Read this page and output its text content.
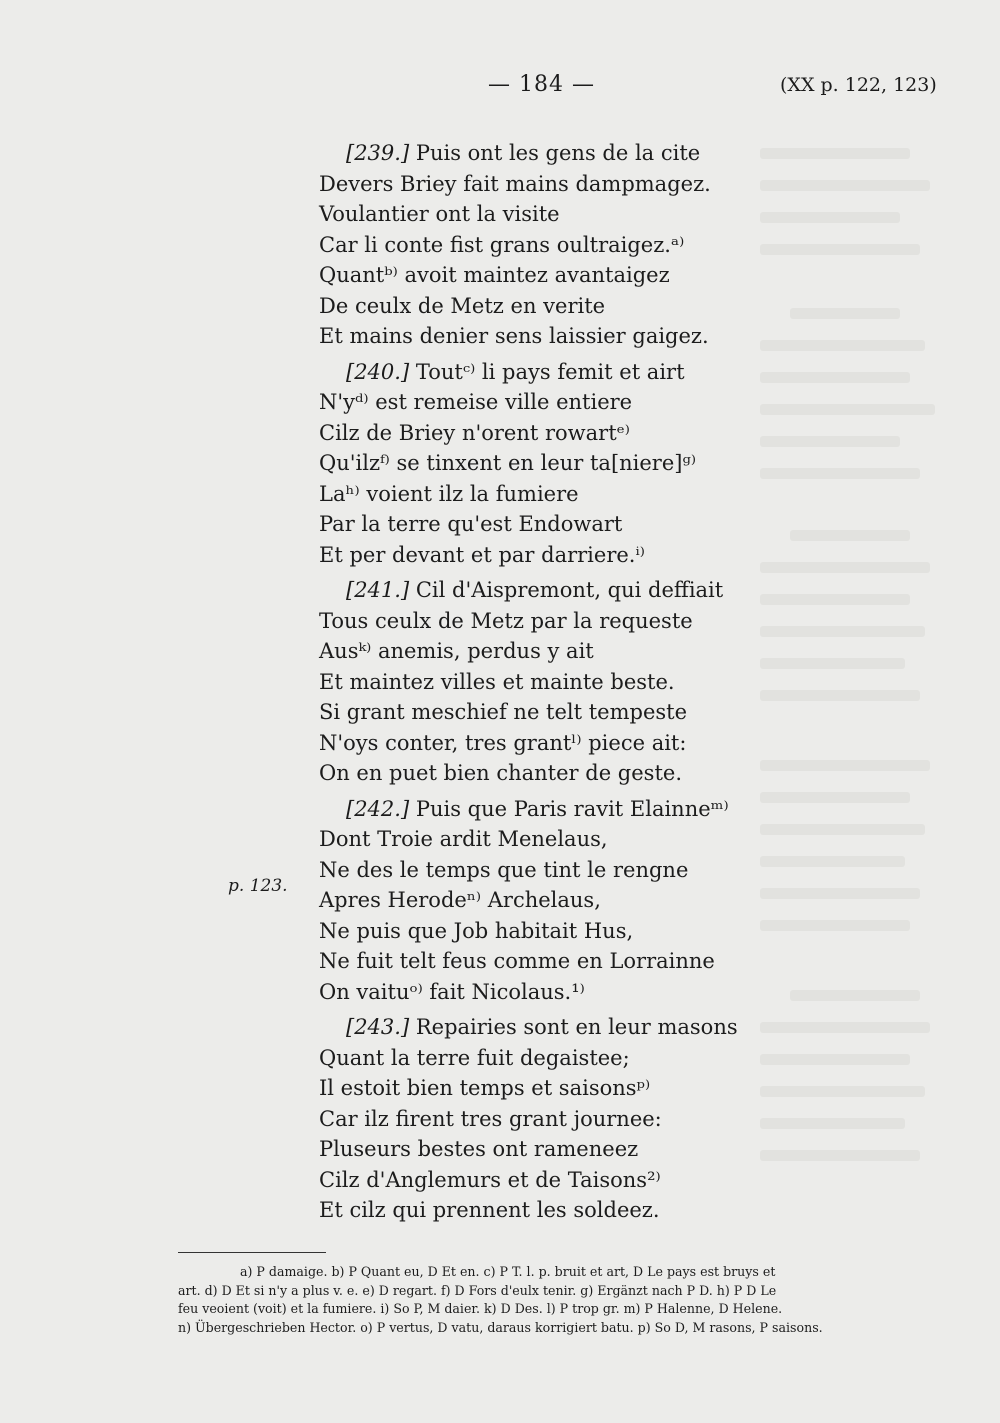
— 184 —	(XX p. 122, 123)
p. 123.
[239.] Puis ont les gens de la cite
Devers Briey fait mains dampmagez.
Voulantier ont la visite
Car li conte fist grans oultraigez.ᵃ⁾
Quantᵇ⁾ avoit maintez avantaigez
De ceulx de Metz en verite
Et mains denier sens laissier gaigez.
[240.] Toutᶜ⁾ li pays femit et airt
N'yᵈ⁾ est remeise ville entiere
Cilz de Briey n'orent rowartᵉ⁾
Qu'ilzᶠ⁾ se tinxent en leur ta[niere]ᵍ⁾
Laʰ⁾ voient ilz la fumiere
Par la terre qu'est Endowart
Et per devant et par darriere.ⁱ⁾
[241.] Cil d'Aispremont, qui deffiait
Tous ceulx de Metz par la requeste
Ausᵏ⁾ anemis, perdus y ait
Et maintez villes et mainte beste.
Si grant meschief ne telt tempeste
N'oys conter, tres grantˡ⁾ piece ait:
On en puet bien chanter de geste.
[242.] Puis que Paris ravit Elainneᵐ⁾
Dont Troie ardit Menelaus,
Ne des le temps que tint le rengne
Apres Herodeⁿ⁾ Archelaus,
Ne puis que Job habitait Hus,
Ne fuit telt feus comme en Lorrainne
On vaituᵒ⁾ fait Nicolaus.¹⁾
[243.] Repairies sont en leur masons
Quant la terre fuit degaistee;
Il estoit bien temps et saisonsᵖ⁾
Car ilz firent tres grant journee:
Pluseurs bestes ont rameneez
Cilz d'Anglemurs et de Taisons²⁾
Et cilz qui prennent les soldeez.
a) P damaige. b) P Quant eu, D Et en. c) P T. l. p. bruit et art, D Le pays est bruys et
art. d) D Et si n'y a plus v. e. e) D regart. f) D Fors d'eulx tenir. g) Ergänzt nach P D. h) P D Le
feu veoient (voit) et la fumiere. i) So P, M daier. k) D Des. l) P trop gr. m) P Halenne, D Helene.
n) Übergeschrieben Hector. o) P vertus, D vatu, daraus korrigiert batu. p) So D, M rasons, P saisons.
